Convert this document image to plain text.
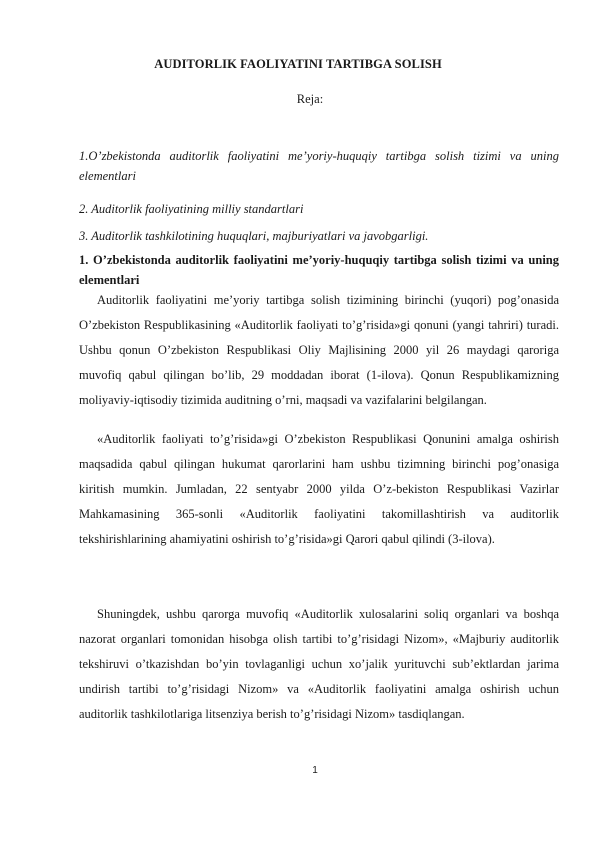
AUDITORLIK FAOLIYATINI TARTIBGA SOLISH
Reja:
1.O’zbekistonda auditorlik faoliyatini me’yoriy-huquqiy tartibga solish tizimi va uning elementlari
2. Auditorlik faoliyatining milliy standartlari
3. Auditorlik tashkilotining huquqlari, majburiyatlari va javobgarligi.
1. O’zbekistonda auditorlik faoliyatini me’yoriy-huquqiy tartibga solish tizimi va uning elementlari

Auditorlik faoliyatini me’yoriy tartibga solish tizimining birinchi (yuqori) pog’onasida O’zbekiston Respublikasining «Auditorlik faoliyati to’g’risida»gi qonuni (yangi tahriri) turadi. Ushbu qonun O’zbekiston Respublikasi Oliy Majlisining 2000 yil 26 maydagi qaroriga muvofiq qabul qilingan bo’lib, 29 moddadan iborat (1-ilova). Qonun Respublikamizning moliyaviy-iqtisodiy tizimida auditning o’rni, maqsadi va vazifalarini belgilangan.

«Auditorlik faoliyati to’g’risida»gi O’zbekiston Respublikasi Qonunini amalga oshirish maqsadida qabul qilingan hukumat qarorlarini ham ushbu tizimning birinchi pog’onasiga kiritish mumkin. Jumladan, 22 sentyabr 2000 yilda O’z-bekiston Respublikasi Vazirlar Mahkamasining 365-sonli «Auditorlik faoliyatini takomillashtirish va auditorlik tekshirishlarining ahamiyatini oshirish to’g’risida»gi Qarori qabul qilindi (3-ilova).

Shuningdek, ushbu qarorga muvofiq «Auditorlik xulosalarini soliq organlari va boshqa nazorat organlari tomonidan hisobga olish tartibi to’g’risidagi Nizom», «Majburiy auditorlik tekshiruvi o’tkazishdan bo’yin tovlaganligi uchun xo’jalik yurituvchi sub’ektlardan jarima undirish tartibi to’g’risidagi Nizom» va «Auditorlik faoliyatini amalga oshirish uchun auditorlik tashkilotlariga litsenziya berish to’g’risidagi Nizom» tasdiqlangan.

1
